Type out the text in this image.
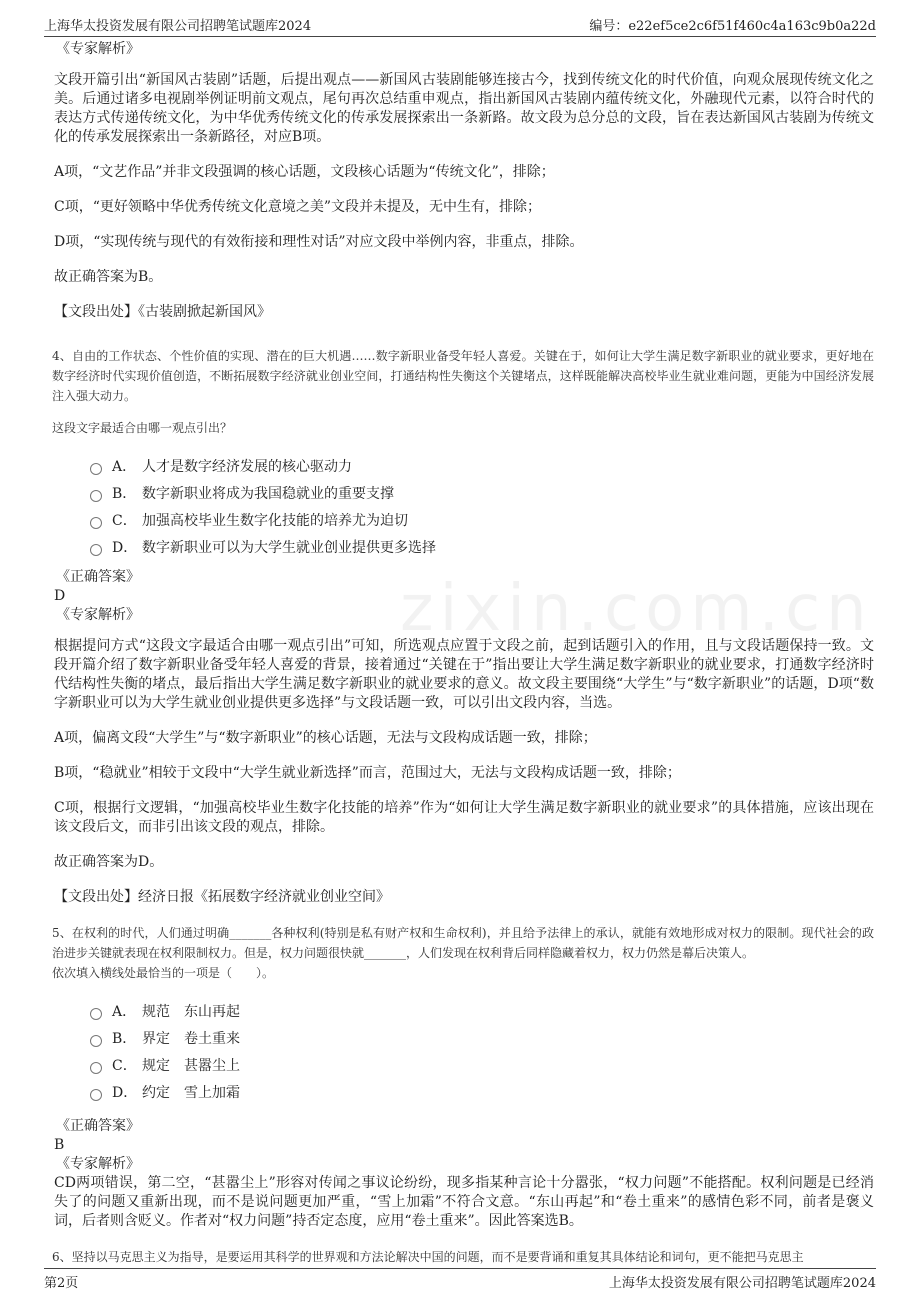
上海华太投资发展有限公司招聘笔试题库2024	编号：e22ef5ce2c6f51f460c4a163c9b0a22d
zixin.com.cn
《专家解析》

文段开篇引出“新国风古装剧”话题，后提出观点——新国风古装剧能够连接古今，找到传统文化的时代价值，向观众展现传统文化之美。后通过诸多电视剧举例证明前文观点，尾句再次总结重申观点，指出新国风古装剧内蕴传统文化，外融现代元素，以符合时代的表达方式传递传统文化，为中华优秀传统文化的传承发展探索出一条新路。故文段为总分总的文段，旨在表达新国风古装剧为传统文化的传承发展探索出一条新路径，对应B项。

A项，“文艺作品”并非文段强调的核心话题，文段核心话题为“传统文化”，排除；

C项，“更好领略中华优秀传统文化意境之美”文段并未提及，无中生有，排除；

D项，“实现传统与现代的有效衔接和理性对话”对应文段中举例内容，非重点，排除。

故正确答案为B。

【文段出处】《古装剧掀起新国风》

4、自由的工作状态、个性价值的实现、潜在的巨大机遇……数字新职业备受年轻人喜爱。关键在于，如何让大学生满足数字新职业的就业要求，更好地在数字经济时代实现价值创造，不断拓展数字经济就业创业空间，打通结构性失衡这个关键堵点，这样既能解决高校毕业生就业难问题，更能为中国经济发展注入强大动力。

这段文字最适合由哪一观点引出？

A． 人才是数字经济发展的核心驱动力
B． 数字新职业将成为我国稳就业的重要支撑
C． 加强高校毕业生数字化技能的培养尤为迫切
D． 数字新职业可以为大学生就业创业提供更多选择
《正确答案》
D
《专家解析》

根据提问方式“这段文字最适合由哪一观点引出”可知，所选观点应置于文段之前，起到话题引入的作用，且与文段话题保持一致。文段开篇介绍了数字新职业备受年轻人喜爱的背景，接着通过“关键在于”指出要让大学生满足数字新职业的就业要求，打通数字经济时代结构性失衡的堵点，最后指出大学生满足数字新职业的就业要求的意义。故文段主要围绕“大学生”与“数字新职业”的话题，D项“数字新职业可以为大学生就业创业提供更多选择”与文段话题一致，可以引出文段内容，当选。

A项，偏离文段“大学生”与“数字新职业”的核心话题，无法与文段构成话题一致，排除；

B项，“稳就业”相较于文段中“大学生就业新选择”而言，范围过大，无法与文段构成话题一致，排除；

C项，根据行文逻辑，“加强高校毕业生数字化技能的培养”作为“如何让大学生满足数字新职业的就业要求”的具体措施，应该出现在该文段后文，而非引出该文段的观点，排除。

故正确答案为D。

【文段出处】经济日报《拓展数字经济就业创业空间》

5、在权利的时代，人们通过明确_______各种权利(特别是私有财产权和生命权利)，并且给予法律上的承认，就能有效地形成对权力的限制。现代社会的政治进步关键就表现在权利限制权力。但是，权力问题很快就_______，人们发现在权利背后同样隐藏着权力，权力仍然是幕后决策人。

依次填入横线处最恰当的一项是（　　）。

A． 规范 东山再起
B． 界定 卷土重来
C． 规定 甚嚣尘上
D． 约定 雪上加霜
《正确答案》
B
《专家解析》

CD两项错误，第二空，“甚嚣尘上”形容对传闻之事议论纷纷，现多指某种言论十分嚣张，“权力问题”不能搭配。权利问题是已经消失了的问题又重新出现，而不是说问题更加严重，“雪上加霜”不符合文意。“东山再起”和“卷土重来”的感情色彩不同，前者是褒义词，后者则含贬义。作者对“权力问题”持否定态度，应用“卷土重来”。因此答案选B。

6、坚持以马克思主义为指导，是要运用其科学的世界观和方法论解决中国的问题，而不是要背诵和重复其具体结论和词句，更不能把马克思主

第2页	上海华太投资发展有限公司招聘笔试题库2024
